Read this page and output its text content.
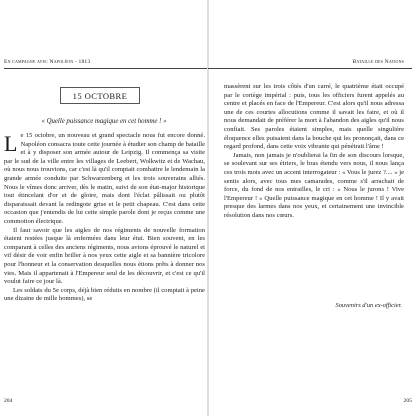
En campagne avec Napoléon - 1813
15 OCTOBRE
« Quelle puissance magique en cet homme ! »

Le 15 octobre, un nouveau et grand spectacle nous fut encore donné. Napoléon consacra toute cette journée à étudier son champ de bataille et à y disposer son armée autour de Leipzig. Il commença sa visite par le sud de la ville entre les villages de Leebert, Wolkwitz et de Wachau, où nous nous trouvions, car c'est là qu'il comptait combattre le lendemain la grande armée conduite par Schwarzenberg et les trois souverains alliés. Nous le vîmes donc arriver, dès le matin, suivi de son état-major historique tout étincelant d'or et de gloire, mais dont l'éclat pâlissait ou plutôt disparaissait devant la redingote grise et le petit chapeau. C'est dans cette occasion que j'entendis de lui cette simple parole dont je reçus comme une commotion électrique.

Il faut savoir que les aigles de nos régiments de nouvelle formation étaient restées jusque là enfermées dans leur étui. Bien souvent, en les comparant à celles des anciens régiments, nous avions éprouvé le naturel et vif désir de voir enfin briller à nos yeux cette aigle et sa bannière tricolore pour l'honneur et la conservation desquelles nous étions prêts à donner nos vies. Mais il appartenait à l'Empereur seul de les découvrir, et c'est ce qu'il voulut faire ce jour là.

Les soldats du 5e corps, déjà bien réduits en nombre (il comptait à peine une dizaine de mille hommes), se

204
Bataille des Nations

massèrent sur les trois côtés d'un carré, le quatrième était occupé par le cortège impérial : puis, tous les officiers furent appelés au centre et placés en face de l'Empereur. C'est alors qu'il nous adressa une de ces courtes allocutions comme il savait les faire, et où il nous demandait de préférer la mort à l'abandon des aigles qu'il nous confiait. Ses paroles étaient simples, mais quelle singulière éloquence elles puisaient dans la bouche qui les prononçait, dans ce regard profond, dans cette voix vibrante qui pénétrait l'âme !

Jamais, non jamais je n'oublierai la fin de son discours lorsque, se soulevant sur ses étriers, le bras étendu vers nous, il nous lança ces trois mots avec un accent interrogateur : « Vous le jurez ?.... » je sentis alors, avec tous mes camarades, comme s'il arrachait de force, du fond de nos entrailles, le cri : « Nous le jurons ! Vive l'Empereur ! » Quelle puissance magique en cet homme ! Il y avait presque des larmes dans nos yeux, et certainement une invincible résolution dans nos cœurs.

Souvenirs d'un ex-officier.
205
